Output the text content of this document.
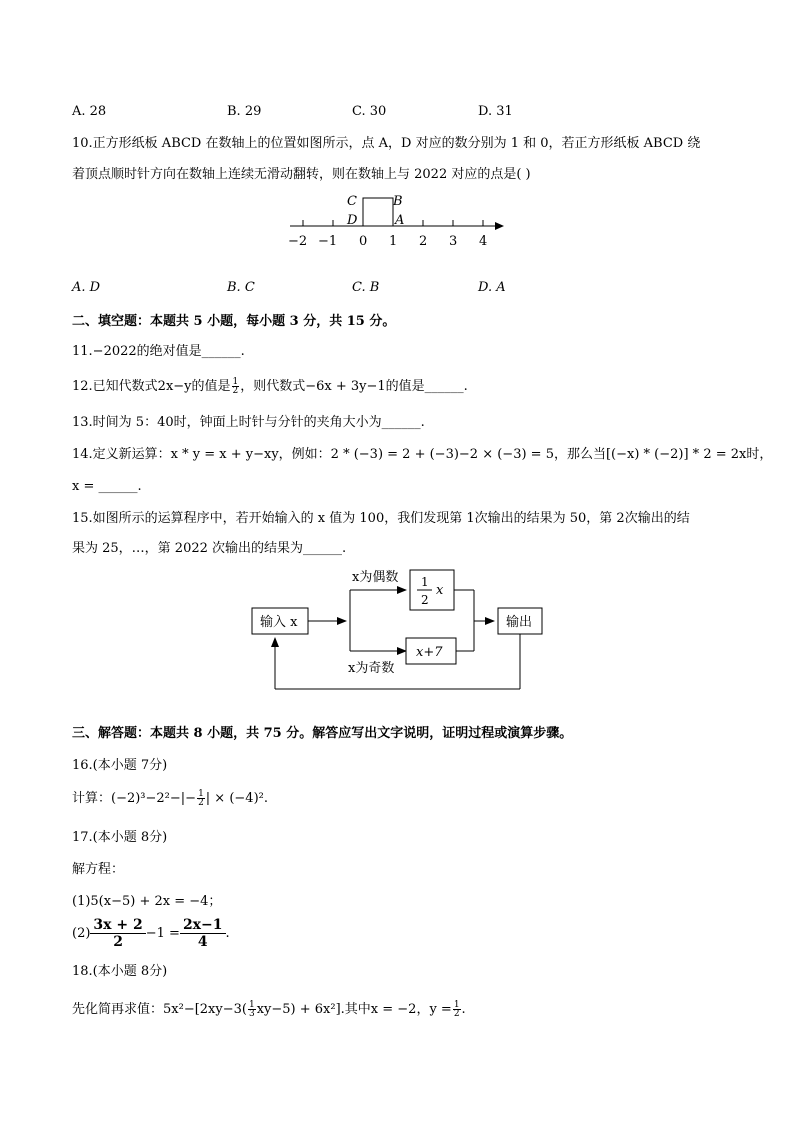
A. 28	B. 29	C. 30	D. 31
10.正方形纸板 ABCD 在数轴上的位置如图所示，点 A，D 对应的数分别为 1 和 0，若正方形纸板 ABCD 绕
着顶点顺时针方向在数轴上连续无滑动翻转，则在数轴上与 2022 对应的点是( )
C	B
D	A
−2 −1 0 1 2 3 4
A. D	B. C	C. B	D. A
二、填空题：本题共 5 小题，每小题 3 分，共 15 分。
11.−2022的绝对值是______.
12.已知代数式2x−y的值是 $\frac{1}{2}$ ，则代数式−6x + 3y−1的值是______.
13.时间为 5：40时，钟面上时针与分针的夹角大小为______.
14.定义新运算：x * y = x + y−xy，例如：2 * (−3) = 2 + (−3)−2 × (−3) = 5，那么当[(−x) * (−2)] * 2 = 2x时，
x = ______.
15.如图所示的运算程序中，若开始输入的 x 值为 100，我们发现第 1次输出的结果为 50，第 2次输出的结
果为 25，…，第 2022 次输出的结果为______.
输入 x
1
2
x
x为偶数
x+7
x为奇数
输出
三、解答题：本题共 8 小题，共 75 分。解答应写出文字说明，证明过程或演算步骤。
16.(本小题 7分)
计算：$(-2)^3-2^2-|- \frac{1}{2}$ | × (−4)².
17.(本小题 8分)
解方程：
(1)5(x−5) + 2x = −4；
$(2) \frac{3x + 2}{2} -1 = \frac{2x-1}{4}$ .
18.(本小题 8分)
先化简再求值：$5x^2-[2xy-3( \frac{1}{3} xy-5) + 6x^2]$.其中x = −2，$y = \frac{1}{2}$ .
